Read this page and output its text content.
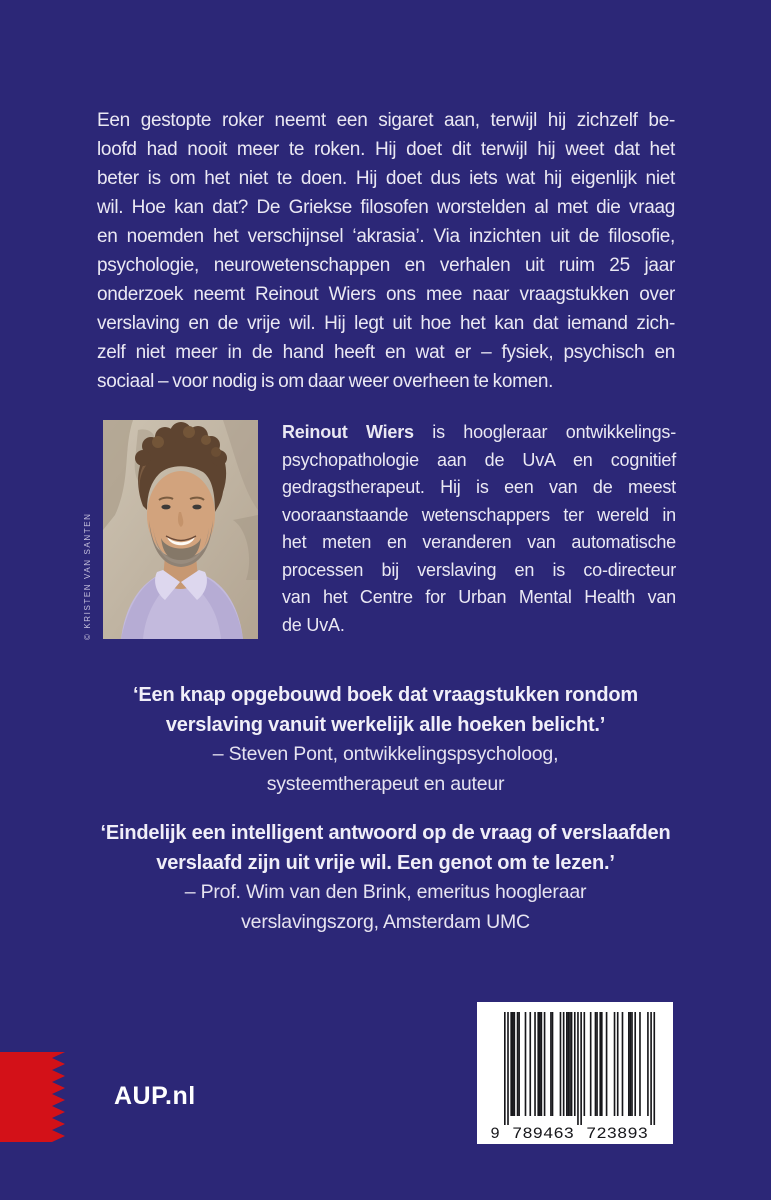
Een gestopte roker neemt een sigaret aan, terwijl hij zichzelf be-
loofd had nooit meer te roken. Hij doet dit terwijl hij weet dat het
beter is om het niet te doen. Hij doet dus iets wat hij eigenlijk niet
wil. Hoe kan dat? De Griekse filosofen worstelden al met die vraag
en noemden het verschijnsel ‘akrasia’. Via inzichten uit de filosofie,
psychologie, neurowetenschappen en verhalen uit ruim 25 jaar
onderzoek neemt Reinout Wiers ons mee naar vraagstukken over
verslaving en de vrije wil. Hij legt uit hoe het kan dat iemand zich-
zelf niet meer in de hand heeft en wat er – fysiek, psychisch en
sociaal – voor nodig is om daar weer overheen te komen.
© KRISTEN VAN SANTEN
Reinout Wiers is hoogleraar ontwikkelings-
psychopathologie aan de UvA en cognitief
gedragstherapeut. Hij is een van de meest
vooraanstaande wetenschappers ter wereld in
het meten en veranderen van automatische
processen bij verslaving en is co-directeur
van het Centre for Urban Mental Health van
de UvA.
‘Een knap opgebouwd boek dat vraagstukken rondom
verslaving vanuit werkelijk alle hoeken belicht.’
– Steven Pont, ontwikkelingspsycholoog,
systeemtherapeut en auteur
‘Eindelijk een intelligent antwoord op de vraag of verslaafden
verslaafd zijn uit vrije wil. Een genot om te lezen.’
– Prof. Wim van den Brink, emeritus hoogleraar
verslavingszorg, Amsterdam UMC
AUP.nl
9 789463 723893
